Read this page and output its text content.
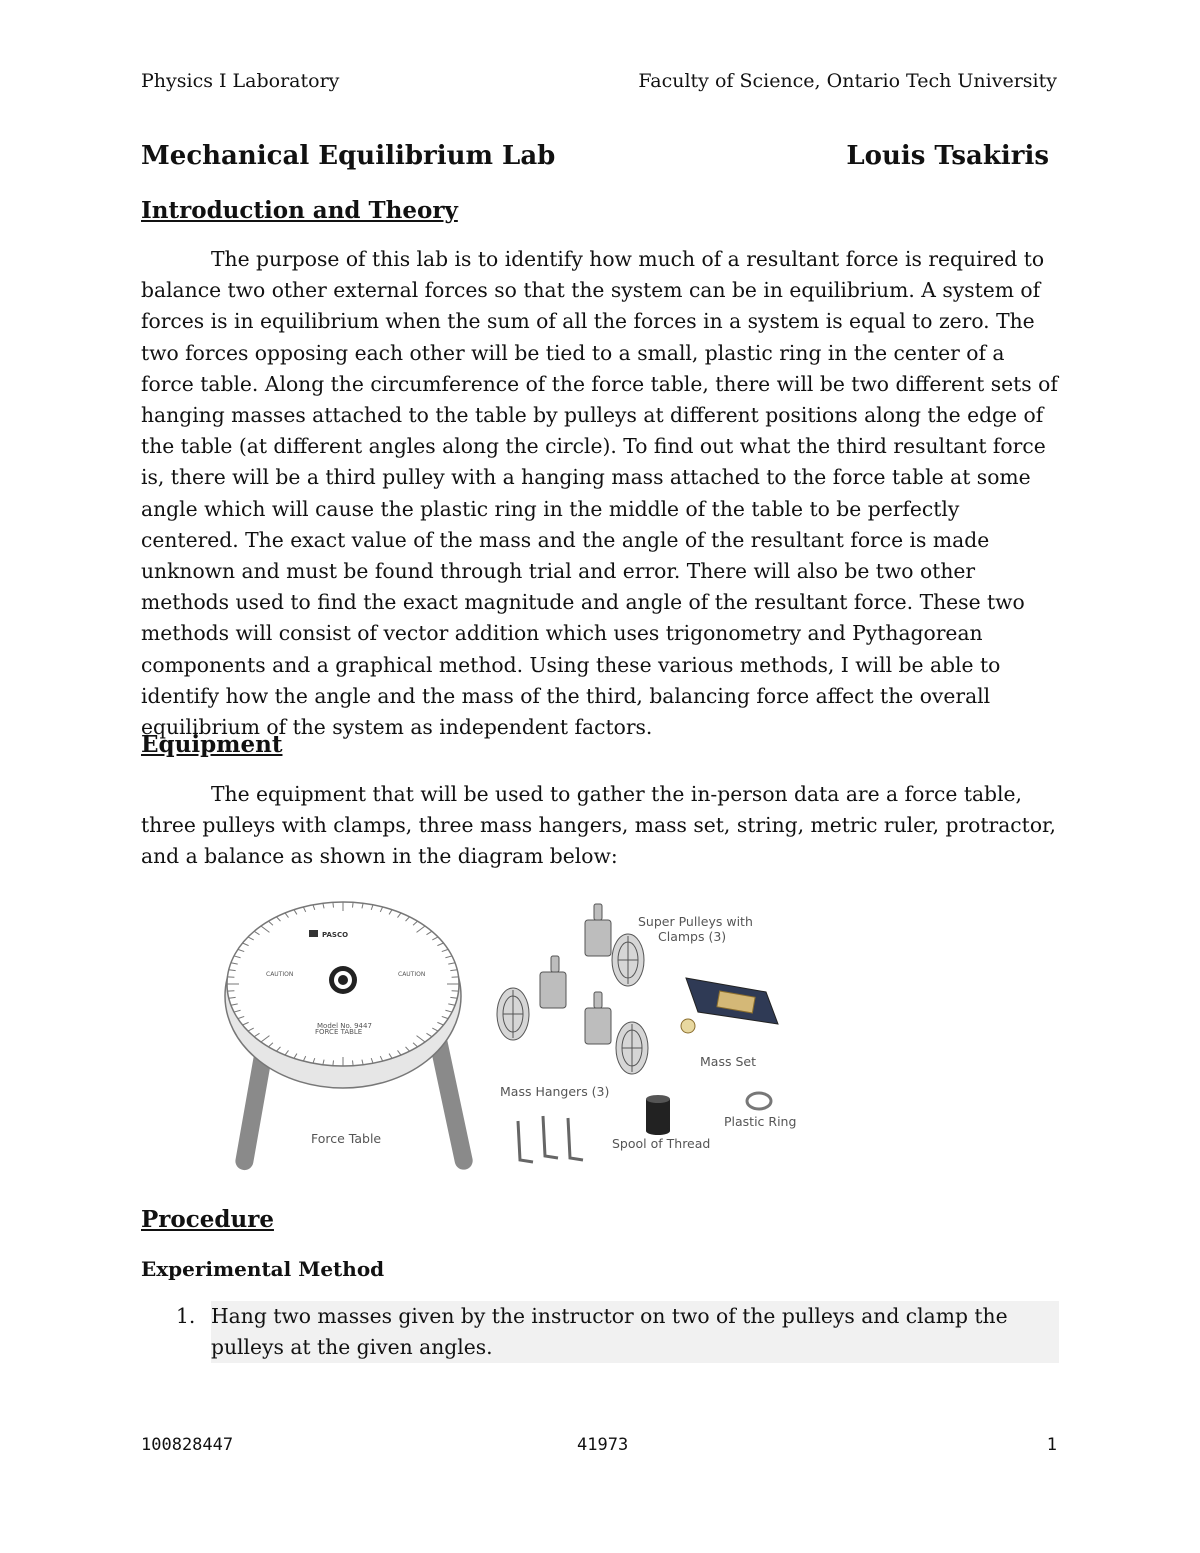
Physics I Laboratory	Faculty of Science, Ontario Tech University
Mechanical Equilibrium Lab	Louis Tsakiris
Introduction and Theory

The purpose of this lab is to identify how much of a resultant force is required to balance two other external forces so that the system can be in equilibrium. A system of forces is in equilibrium when the sum of all the forces in a system is equal to zero. The two forces opposing each other will be tied to a small, plastic ring in the center of a force table. Along the circumference of the force table, there will be two different sets of hanging masses attached to the table by pulleys at different positions along the edge of the table (at different angles along the circle). To find out what the third resultant force is, there will be a third pulley with a hanging mass attached to the force table at some angle which will cause the plastic ring in the middle of the table to be perfectly centered. The exact value of the mass and the angle of the resultant force is made unknown and must be found through trial and error. There will also be two other methods used to find the exact magnitude and angle of the resultant force. These two methods will consist of vector addition which uses trigonometry and Pythagorean components and a graphical method. Using these various methods, I will be able to identify how the angle and the mass of the third, balancing force affect the overall equilibrium of the system as independent factors.

Equipment

The equipment that will be used to gather the in-person data are a force table, three pulleys with clamps, three mass hangers, mass set, string, metric ruler, protractor, and a balance as shown in the diagram below:

PASCO
CAUTION	CAUTION
Model No. 9447
FORCE TABLE
Force Table
Super Pulleys with
Clamps (3)
Mass Set
Mass Hangers (3)
Spool of Thread
Plastic Ring
Procedure
Experimental Method
1. Hang two masses given by the instructor on two of the pulleys and clamp the pulleys at the given angles.
100828447	41973	1
